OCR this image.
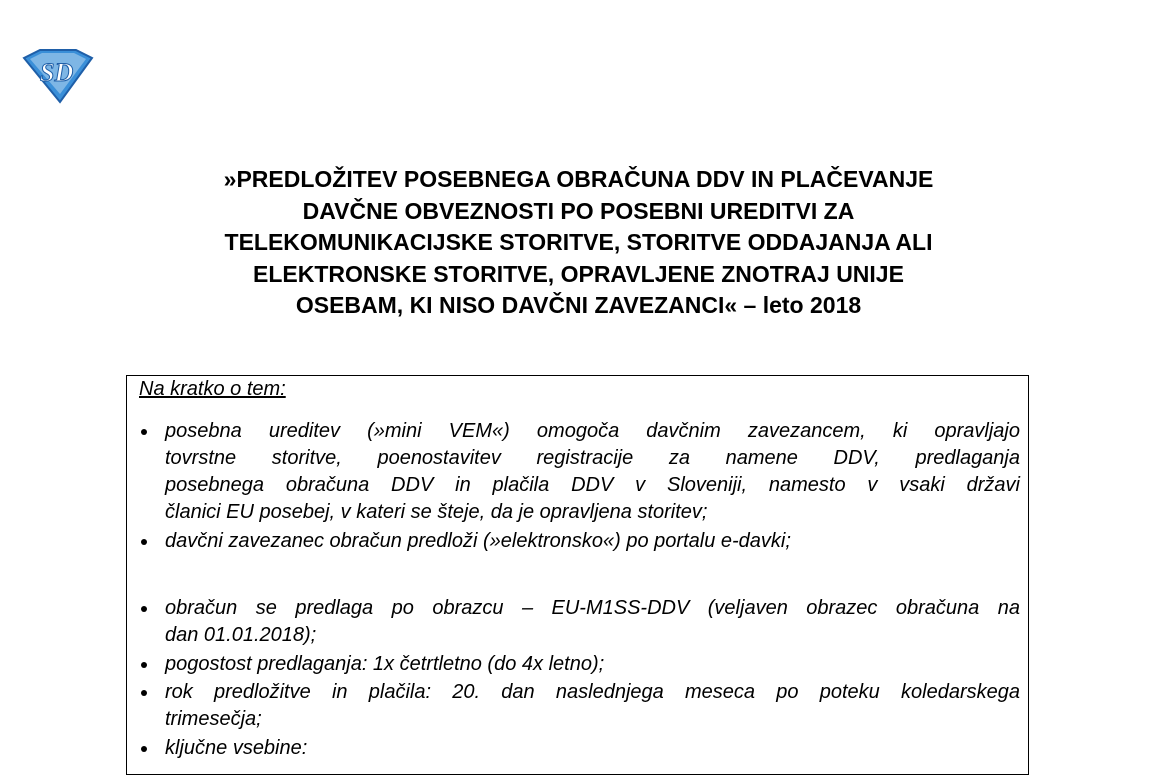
SD
»PREDLOŽITEV POSEBNEGA OBRAČUNA DDV IN PLAČEVANJE
DAVČNE OBVEZNOSTI PO POSEBNI UREDITVI ZA
TELEKOMUNIKACIJSKE STORITVE, STORITVE ODDAJANJA ALI
ELEKTRONSKE STORITVE, OPRAVLJENE ZNOTRAJ UNIJE
OSEBAM, KI NISO DAVČNI ZAVEZANCI« – leto 2018
Na kratko o tem:
posebna ureditev (»mini VEM«) omogoča davčnim zavezancem, ki opravljajo
tovrstne storitve, poenostavitev registracije za namene DDV, predlaganja
posebnega obračuna DDV in plačila DDV v Sloveniji, namesto v vsaki državi
članici EU posebej, v kateri se šteje, da je opravljena storitev;
davčni zavezanec obračun predloži (»elektronsko«) po portalu e-davki;
obračun se predlaga po obrazcu – EU-M1SS-DDV (veljaven obrazec obračuna na
dan 01.01.2018);
pogostost predlaganja: 1x četrtletno (do 4x letno);
rok predložitve in plačila: 20. dan naslednjega meseca po poteku koledarskega
trimesečja;
ključne vsebine:
